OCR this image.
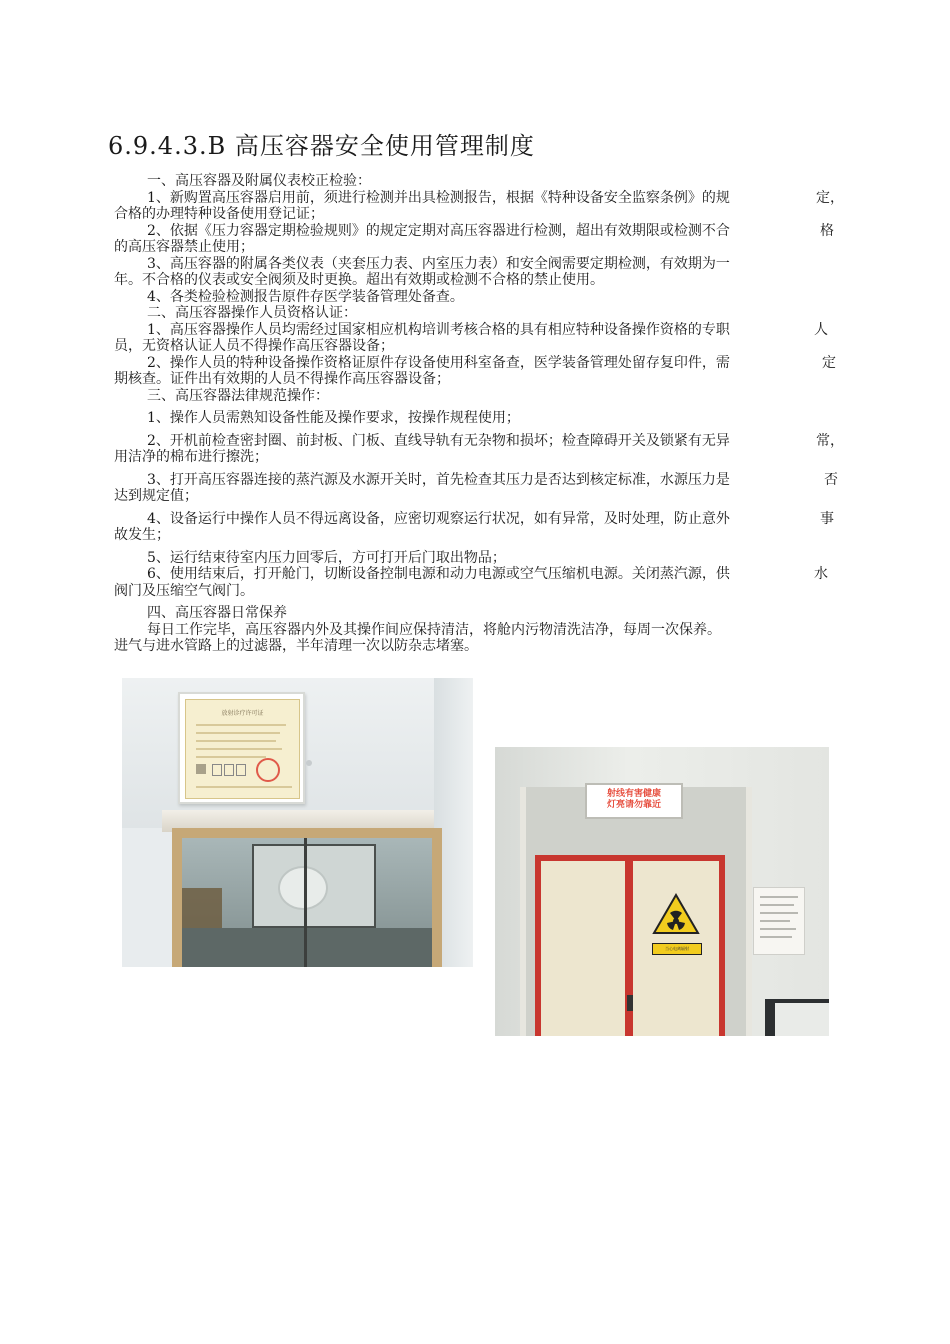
6.9.4.3.B 高压容器安全使用管理制度
一、高压容器及附属仪表校正检验：
1、新购置高压容器启用前，须进行检测并出具检测报告，根据《特种设备安全监察条例》的规	定，
合格的办理特种设备使用登记证；
2、依据《压力容器定期检验规则》的规定定期对高压容器进行检测，超出有效期限或检测不合	格
的高压容器禁止使用；
3、高压容器的附属各类仪表（夹套压力表、内室压力表）和安全阀需要定期检测，有效期为一
年。不合格的仪表或安全阀须及时更换。超出有效期或检测不合格的禁止使用。
4、各类检验检测报告原件存医学装备管理处备查。
二、高压容器操作人员资格认证：
1、高压容器操作人员均需经过国家相应机构培训考核合格的具有相应特种设备操作资格的专职	人
员，无资格认证人员不得操作高压容器设备；
2、操作人员的特种设备操作资格证原件存设备使用科室备查，医学装备管理处留存复印件，需	定
期核查。证件出有效期的人员不得操作高压容器设备；
三、高压容器法律规范操作：
1、操作人员需熟知设备性能及操作要求，按操作规程使用；
2、开机前检查密封圈、前封板、门板、直线导轨有无杂物和损坏；检查障碍开关及锁紧有无异	常，
用洁净的棉布进行擦洗；
3、打开高压容器连接的蒸汽源及水源开关时，首先检查其压力是否达到核定标准，水源压力是	否
达到规定值；
4、设备运行中操作人员不得远离设备，应密切观察运行状况，如有异常，及时处理，防止意外	事
故发生；
5、运行结束待室内压力回零后，方可打开后门取出物品；
6、使用结束后，打开舱门，切断设备控制电源和动力电源或空气压缩机电源。关闭蒸汽源，供	水
阀门及压缩空气阀门。
四、高压容器日常保养
每日工作完毕，高压容器内外及其操作间应保持清洁，将舱内污物清洗洁净，每周一次保养。
进气与进水管路上的过滤器，半年清理一次以防杂志堵塞。
放射诊疗许可证
射线有害健康
灯亮请勿靠近
当心电离辐射
